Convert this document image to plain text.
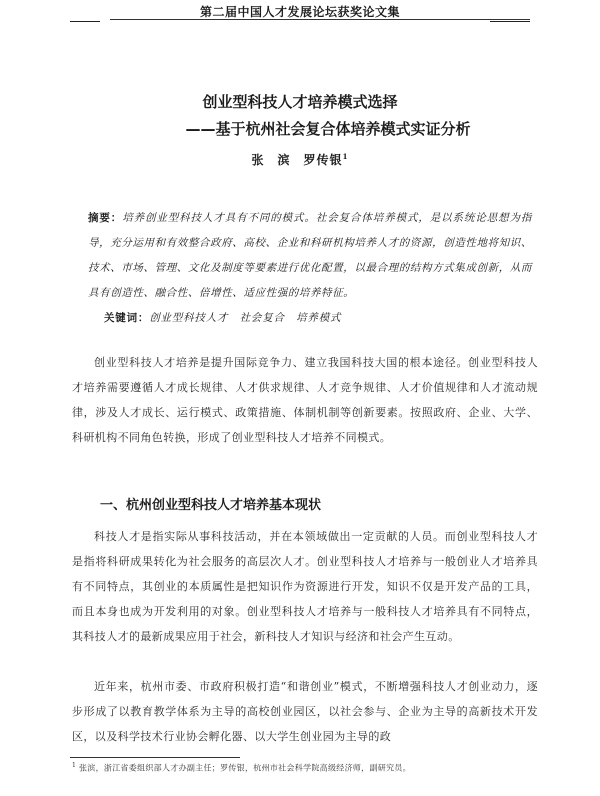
第二届中国人才发展论坛获奖论文集
创业型科技人才培养模式选择
——基于杭州社会复合体培养模式实证分析
张　滨　罗传银$^1$
摘要：培养创业型科技人才具有不同的模式。社会复合体培养模式，是以系统论思想为指导，充分运用和有效整合政府、高校、企业和科研机构培养人才的资源，创造性地将知识、技术、市场、管理、文化及制度等要素进行优化配置，以最合理的结构方式集成创新，从而具有创造性、融合性、倍增性、适应性强的培养特征。
关键词：创业型科技人才　社会复合　培养模式
创业型科技人才培养是提升国际竞争力、建立我国科技大国的根本途径。创业型科技人才培养需要遵循人才成长规律、人才供求规律、人才竞争规律、人才价值规律和人才流动规律，涉及人才成长、运行模式、政策措施、体制机制等创新要素。按照政府、企业、大学、科研机构不同角色转换，形成了创业型科技人才培养不同模式。
一、杭州创业型科技人才培养基本现状
科技人才是指实际从事科技活动，并在本领域做出一定贡献的人员。而创业型科技人才是指将科研成果转化为社会服务的高层次人才。创业型科技人才培养与一般创业人才培养具有不同特点，其创业的本质属性是把知识作为资源进行开发，知识不仅是开发产品的工具，而且本身也成为开发利用的对象。创业型科技人才培养与一般科技人才培养具有不同特点，其科技人才的最新成果应用于社会，新科技人才知识与经济和社会产生互动。
近年来，杭州市委、市政府积极打造“和谐创业”模式，不断增强科技人才创业动力，逐步形成了以教育教学体系为主导的高校创业园区，以社会参与、企业为主导的高新技术开发区，以及科学技术行业协会孵化器、以大学生创业园为主导的政
$^1$ 张滨，浙江省委组织部人才办副主任；罗传银，杭州市社会科学院高级经济师，副研究员。
